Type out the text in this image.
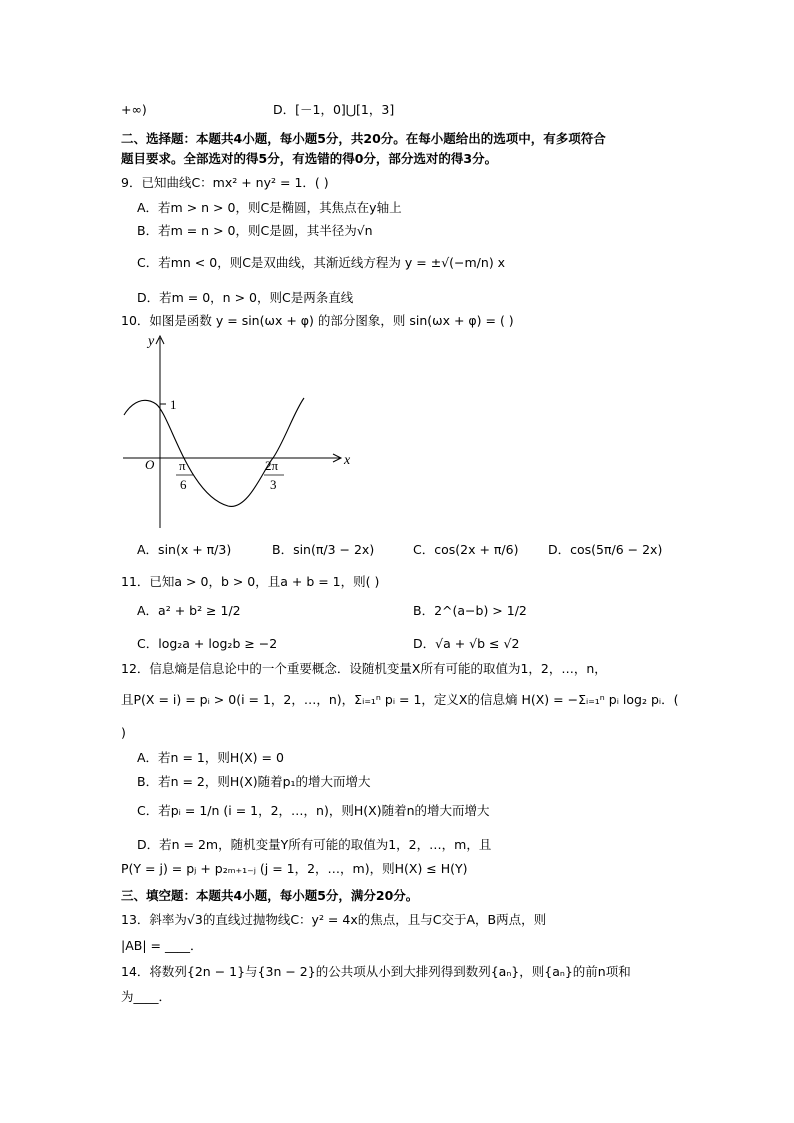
+∞)	D．[－1，0]⋃[1，3]
二、选择题：本题共4小题，每小题5分，共20分。在每小题给出的选项中，有多项符合
题目要求。全部选对的得5分，有选错的得0分，部分选对的得3分。
9．已知曲线C：mx² + ny² = 1．( )
A．若m > n > 0，则C是椭圆，其焦点在y轴上
B．若m = n > 0，则C是圆，其半径为√n
C．若mn < 0，则C是双曲线，其渐近线方程为 y = ±√(−m/n) x
D．若m = 0，n > 0，则C是两条直线
10．如图是函数 y = sin(ωx + φ) 的部分图象，则 sin(ωx + φ) = ( )
y
x
O
1
π
6
2π
3
A．sin(x + π/3)	B．sin(π/3 − 2x)	C．cos(2x + π/6) D．cos(5π/6 − 2x)
11．已知a > 0，b > 0，且a + b = 1，则( )
A．a² + b² ≥ 1/2	B．2^(a−b) > 1/2
C．log₂a + log₂b ≥ −2	D．√a + √b ≤ √2
12．信息熵是信息论中的一个重要概念．设随机变量X所有可能的取值为1，2，…，n，
且P(X = i) = pᵢ > 0(i = 1，2，…，n)，Σᵢ₌₁ⁿ pᵢ = 1，定义X的信息熵 H(X) = −Σᵢ₌₁ⁿ pᵢ log₂ pᵢ．(
)
A．若n = 1，则H(X) = 0
B．若n = 2，则H(X)随着p₁的增大而增大
C．若pᵢ = 1/n (i = 1，2，…，n)，则H(X)随着n的增大而增大
D．若n = 2m，随机变量Y所有可能的取值为1，2，…，m，且
P(Y = j) = pⱼ + p₂ₘ₊₁₋ⱼ (j = 1，2，…，m)，则H(X) ≤ H(Y)
三、填空题：本题共4小题，每小题5分，满分20分。
13．斜率为√3的直线过抛物线C：y² = 4x的焦点，且与C交于A，B两点，则
|AB| = ____．
14．将数列{2n − 1}与{3n − 2}的公共项从小到大排列得到数列{aₙ}，则{aₙ}的前n项和
为____．
